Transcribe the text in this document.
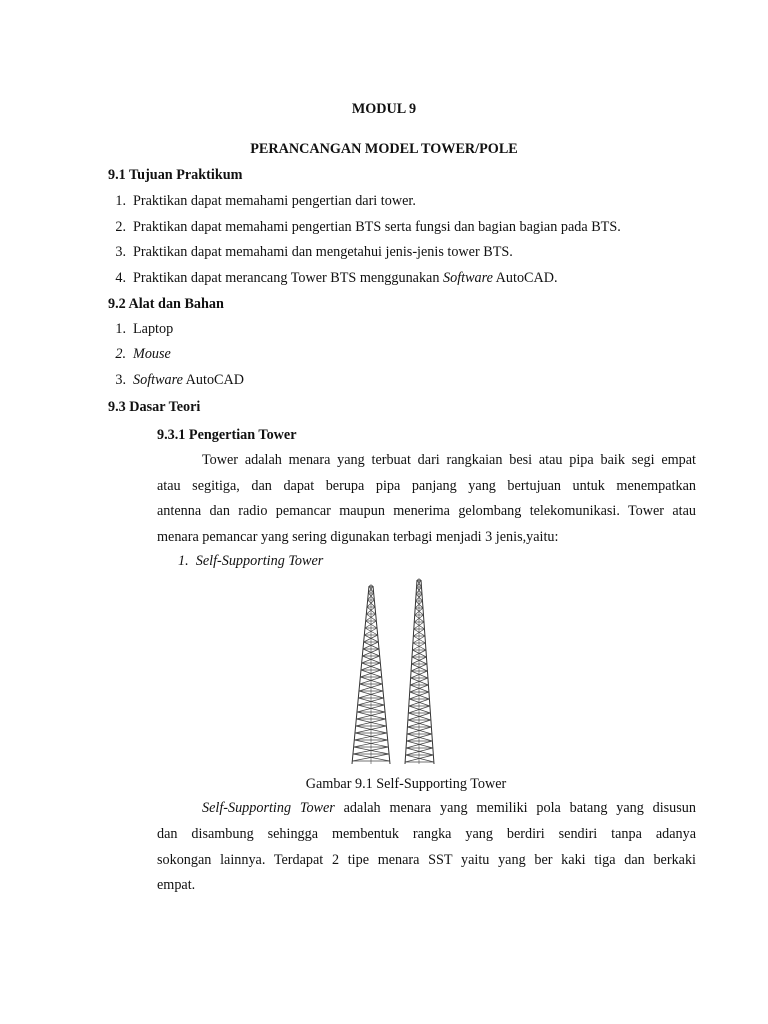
MODUL 9
PERANCANGAN MODEL TOWER/POLE
9.1 Tujuan Praktikum
1. Praktikan dapat memahami pengertian dari tower.
2. Praktikan dapat memahami pengertian BTS serta fungsi dan bagian bagian pada BTS.
3. Praktikan dapat memahami dan mengetahui jenis-jenis tower BTS.
4. Praktikan dapat merancang Tower BTS menggunakan Software AutoCAD.
9.2 Alat dan Bahan
1. Laptop
2. Mouse
3. Software AutoCAD
9.3 Dasar Teori
9.3.1 Pengertian Tower
Tower adalah menara yang terbuat dari rangkaian besi atau pipa baik segi empat
atau segitiga, dan dapat berupa pipa panjang yang bertujuan untuk menempatkan
antenna dan radio pemancar maupun menerima gelombang telekomunikasi. Tower atau
menara pemancar yang sering digunakan terbagi menjadi 3 jenis,yaitu:
1. Self-Supporting Tower
Gambar 9.1 Self-Supporting Tower
Self-Supporting Tower adalah menara yang memiliki pola batang yang disusun
dan disambung sehingga membentuk rangka yang berdiri sendiri tanpa adanya
sokongan lainnya. Terdapat 2 tipe menara SST yaitu yang ber kaki tiga dan berkaki
empat.
